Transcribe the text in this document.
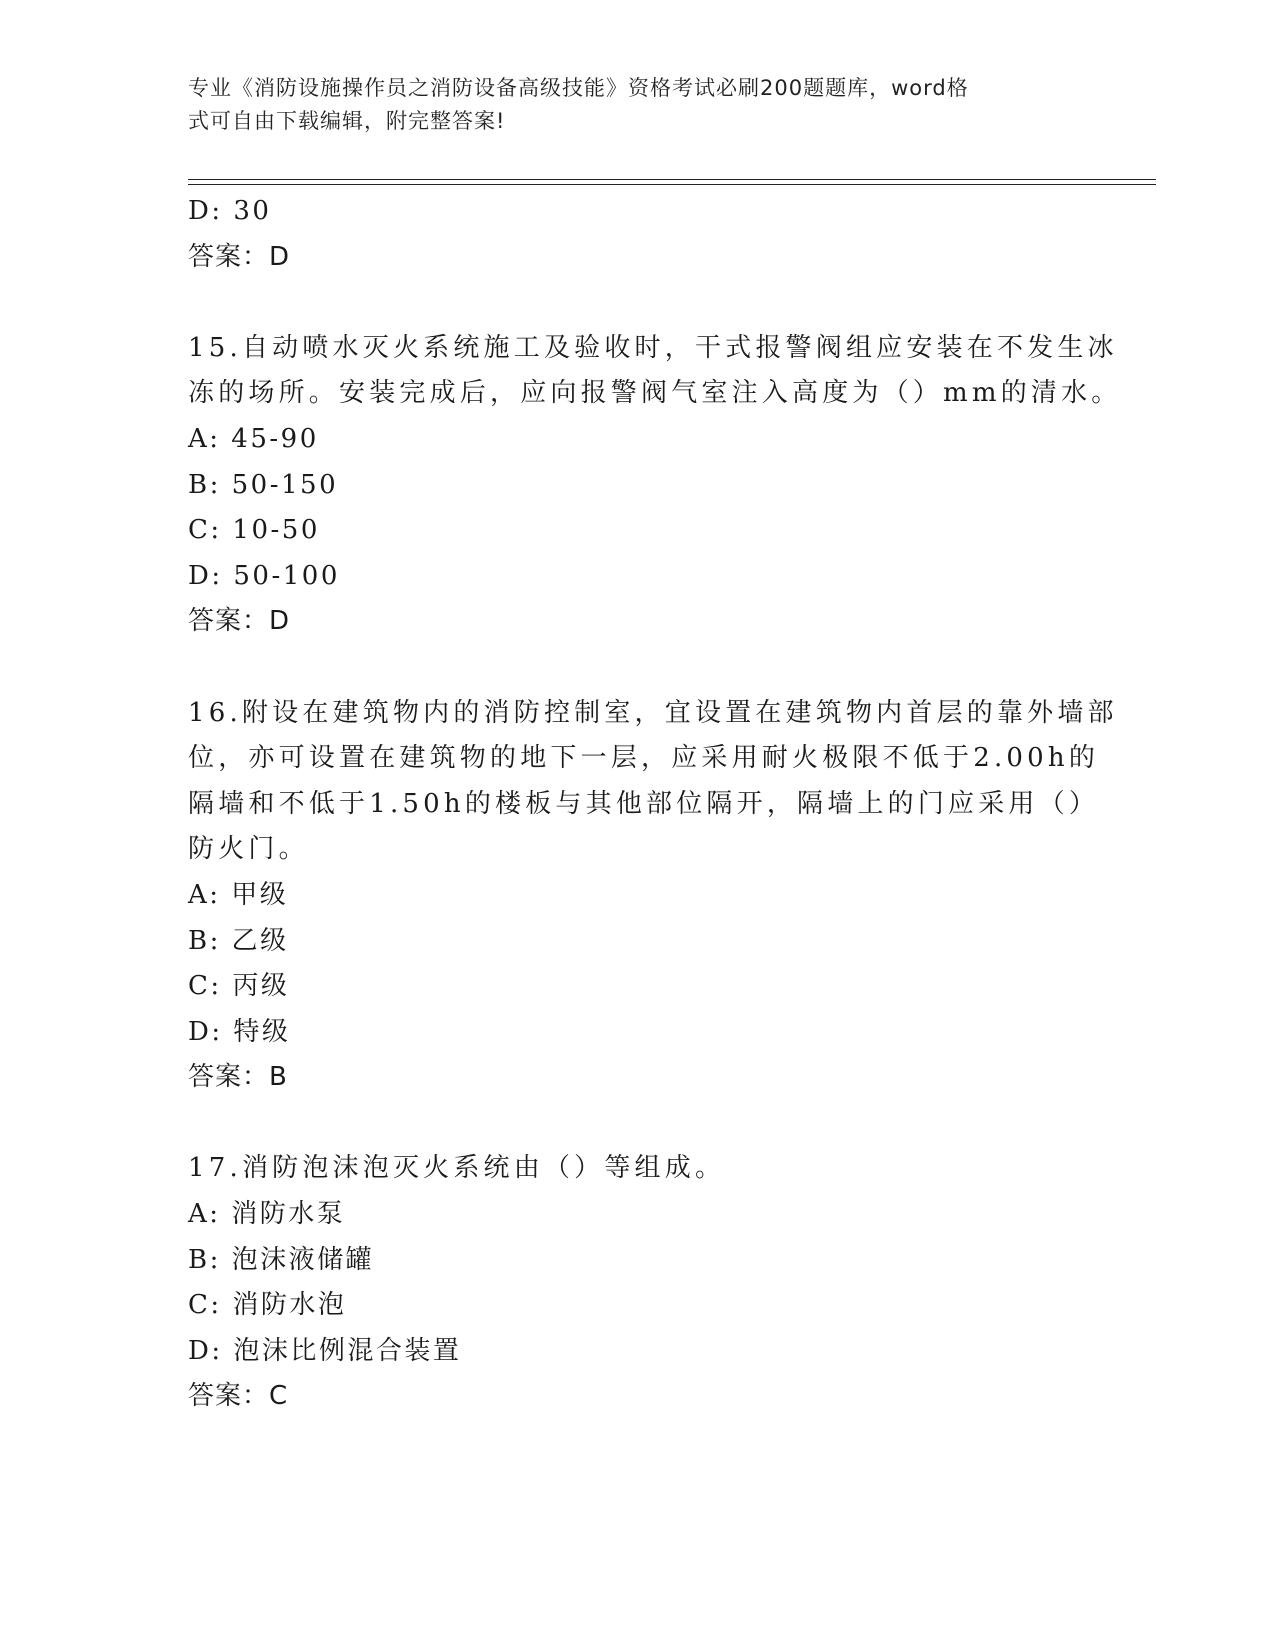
专业《消防设施操作员之消防设备高级技能》资格考试必刷200题题库，word格
式可自由下载编辑，附完整答案!
D: 30
答案：D
15.自动喷水灭火系统施工及验收时，干式报警阀组应安装在不发生冰
冻的场所。安装完成后，应向报警阀气室注入高度为（）mm的清水。
A: 45-90
B: 50-150
C: 10-50
D: 50-100
答案：D
16.附设在建筑物内的消防控制室，宜设置在建筑物内首层的靠外墙部
位，亦可设置在建筑物的地下一层，应采用耐火极限不低于2.00h的
隔墙和不低于1.50h的楼板与其他部位隔开，隔墙上的门应采用（）
防火门。
A: 甲级
B: 乙级
C: 丙级
D: 特级
答案：B
17.消防泡沫泡灭火系统由（）等组成。
A: 消防水泵
B: 泡沫液储罐
C: 消防水泡
D: 泡沫比例混合装置
答案：C
